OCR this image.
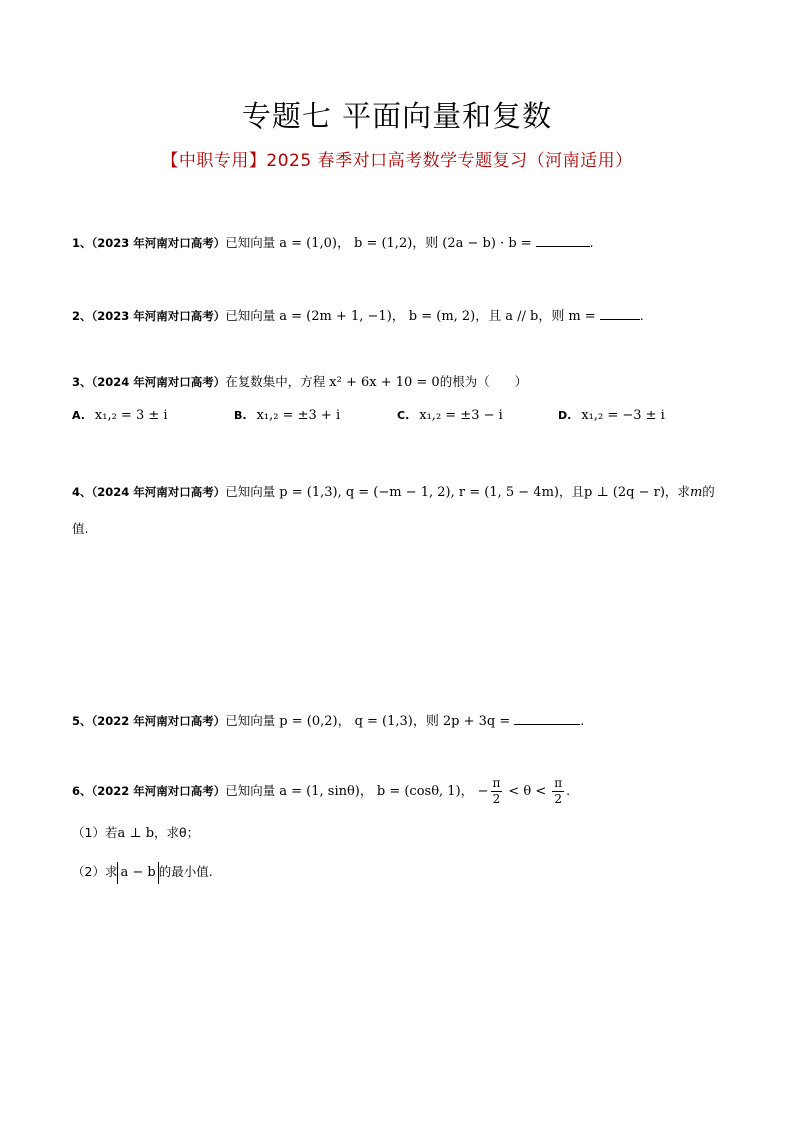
专题七 平面向量和复数
【中职专用】2025 春季对口高考数学专题复习（河南适用）
1、（2023 年河南对口高考）已知向量 a = (1,0)， b = (1,2)，则 (2a − b) · b =	.
2、（2023 年河南对口高考）已知向量 a = (2m + 1, −1)， b = (m, 2)，且 a // b，则 m =	.
3、（2024 年河南对口高考）在复数集中，方程 x² + 6x + 10 = 0的根为（　　）
A. x₁,₂ = 3 ± i	B. x₁,₂ = ±3 + i	C. x₁,₂ = ±3 − i	D. x₁,₂ = −3 ± i
4、（2024 年河南对口高考）已知向量 p = (1,3), q = (−m − 1, 2), r = (1, 5 − 4m)，且p ⊥ (2q − r)，求m的
值.
5、（2022 年河南对口高考）已知向量 p = (0,2)， q = (1,3)，则 2p + 3q =	.
6、（2022 年河南对口高考）已知向量 a = (1, sinθ)， b = (cosθ, 1)， − $\frac{\pi}{2} < \theta < \frac{\pi}{2}$ .
（1）若a ⊥ b，求θ；
（2）求 a − b 的最小值.
